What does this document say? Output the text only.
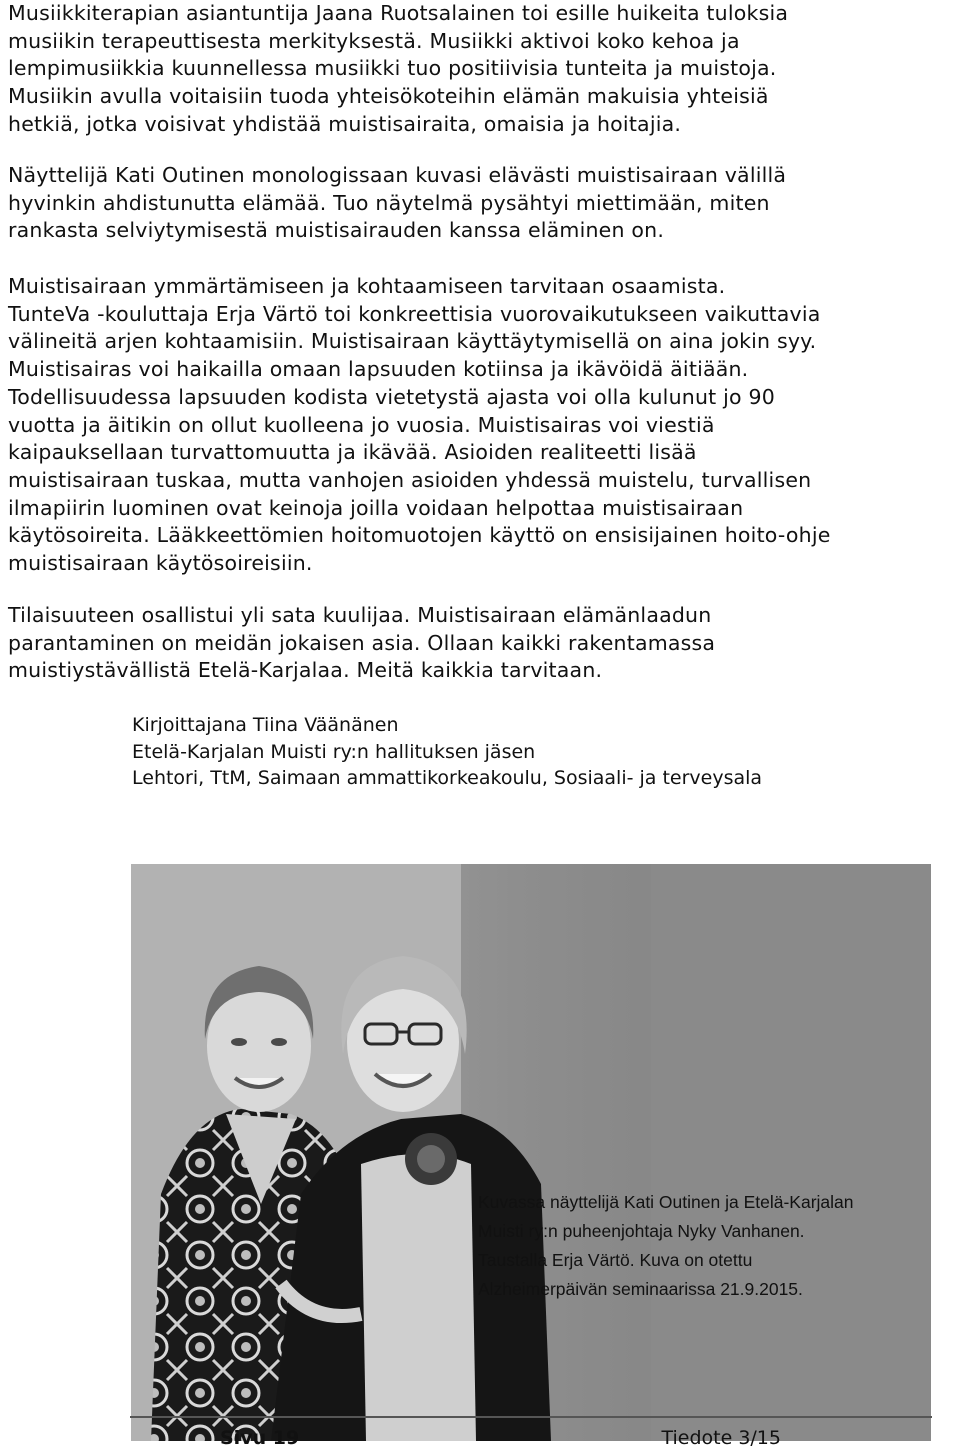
Musiikkiterapian asiantuntija Jaana Ruotsalainen toi esille huikeita tuloksia
musiikin terapeuttisesta merkityksestä. Musiikki aktivoi koko kehoa ja
lempimusiikkia kuunnellessa musiikki tuo positiivisia tunteita ja muistoja.
Musiikin avulla voitaisiin tuoda yhteisökoteihin elämän makuisia yhteisiä
hetkiä, jotka voisivat yhdistää muistisairaita, omaisia ja hoitajia.
Näyttelijä Kati Outinen monologissaan kuvasi elävästi muistisairaan välillä
hyvinkin ahdistunutta elämää. Tuo näytelmä pysähtyi miettimään, miten
rankasta selviytymisestä muistisairauden kanssa eläminen on.
Muistisairaan ymmärtämiseen ja kohtaamiseen tarvitaan osaamista.
TunteVa -kouluttaja Erja Värtö toi konkreettisia vuorovaikutukseen vaikuttavia
välineitä arjen kohtaamisiin. Muistisairaan käyttäytymisellä on aina jokin syy.
Muistisairas voi haikailla omaan lapsuuden kotiinsa ja ikävöidä äitiään.
Todellisuudessa lapsuuden kodista vietetystä ajasta voi olla kulunut jo 90
vuotta ja äitikin on ollut kuolleena jo vuosia. Muistisairas voi viestiä
kaipauksellaan turvattomuutta ja ikävää. Asioiden realiteetti lisää
muistisairaan tuskaa, mutta vanhojen asioiden yhdessä muistelu, turvallisen
ilmapiirin luominen ovat keinoja joilla voidaan helpottaa muistisairaan
käytösoireita. Lääkkeettömien hoitomuotojen käyttö on ensisijainen hoito-ohje
muistisairaan käytösoireisiin.
Tilaisuuteen osallistui yli sata kuulijaa. Muistisairaan elämänlaadun
parantaminen on meidän jokaisen asia. Ollaan kaikki rakentamassa
muistiystävällistä Etelä-Karjalaa. Meitä kaikkia tarvitaan.
Kirjoittajana Tiina Väänänen
Etelä-Karjalan Muisti ry:n hallituksen jäsen
Lehtori, TtM, Saimaan ammattikorkeakoulu, Sosiaali- ja terveysala
Kuvassa näyttelijä Kati Outinen ja Etelä-Karjalan
Muisti ry:n puheenjohtaja Nyky Vanhanen.
Taustalla Erja Värtö. Kuva on otettu
Alzheimerpäivän seminaarissa 21.9.2015.
Sivu 19	Tiedote 3/15
